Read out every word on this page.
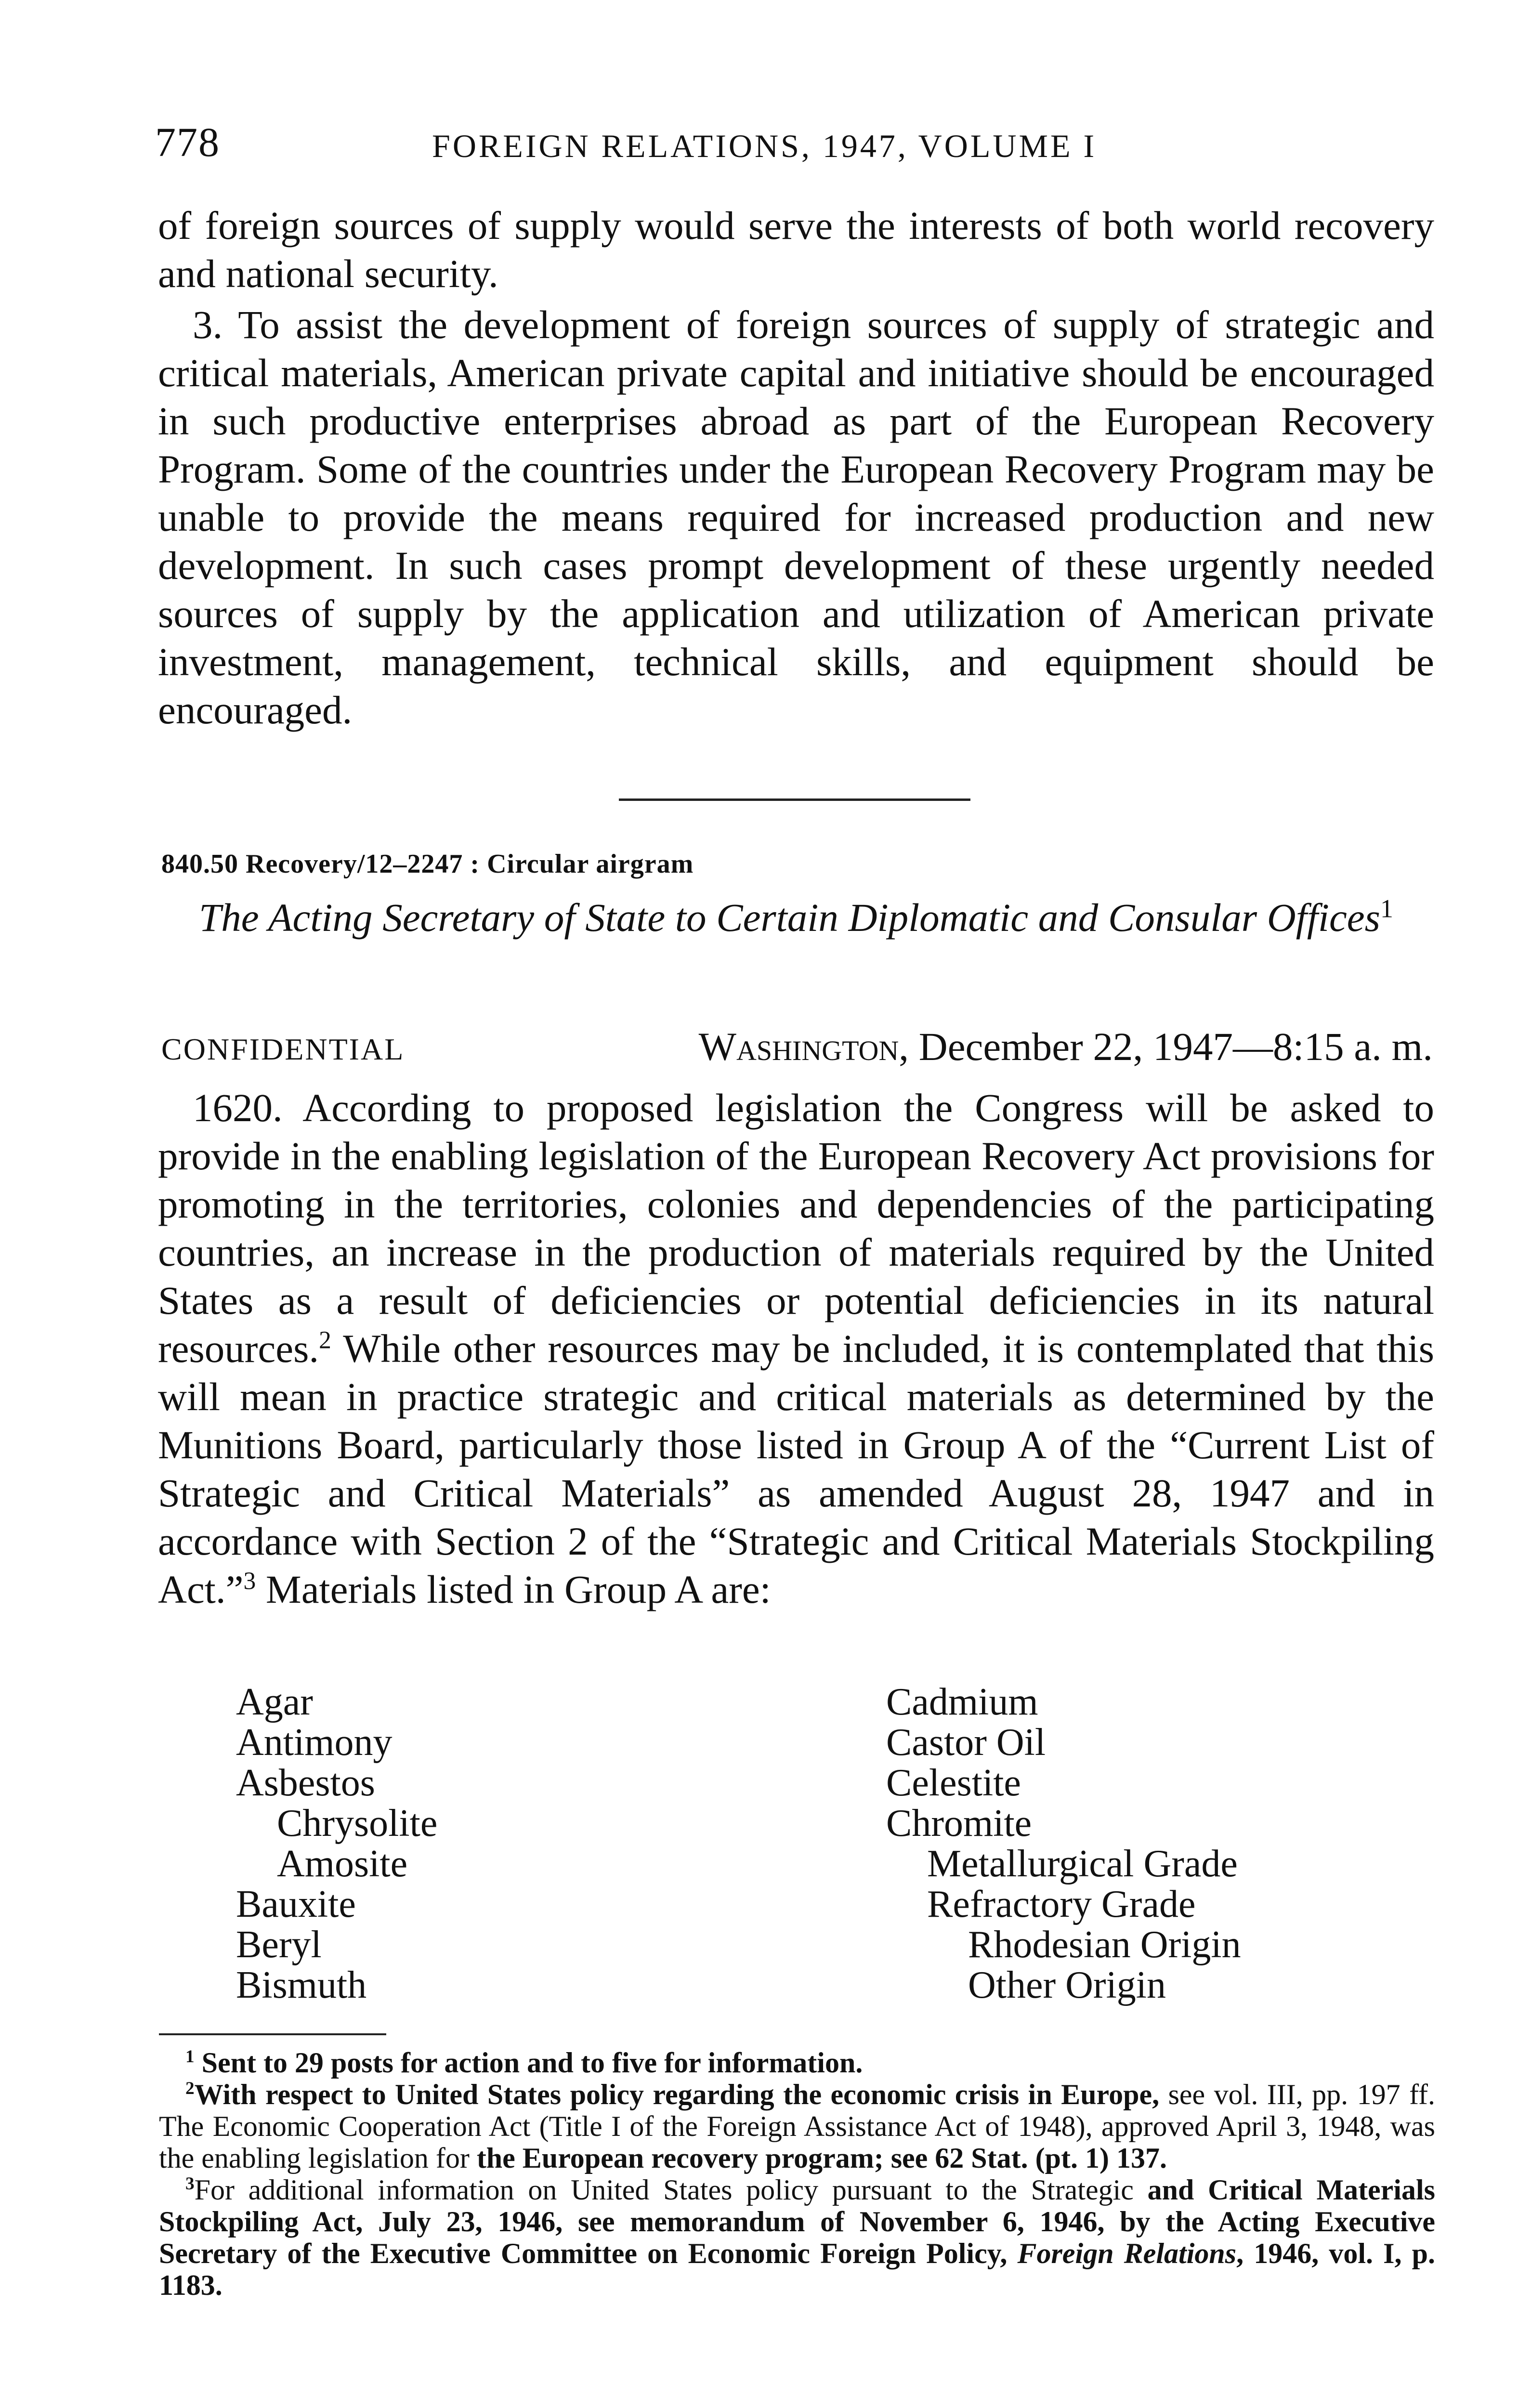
778	FOREIGN RELATIONS, 1947, VOLUME I

of foreign sources of supply would serve the interests of both world recovery and national security.

3. To assist the development of foreign sources of supply of strategic and critical materials, American private capital and initiative should be encouraged in such productive enterprises abroad as part of the European Recovery Program. Some of the countries under the European Recovery Program may be unable to provide the means required for increased production and new development. In such cases prompt development of these urgently needed sources of supply by the application and utilization of American private investment, management, technical skills, and equipment should be encouraged.

840.50 Recovery/12–2247 : Circular airgram
The Acting Secretary of State to Certain Diplomatic and Consular Offices$^1$
CONFIDENTIAL	Washington, December 22, 1947—8:15 a. m.

1620. According to proposed legislation the Congress will be asked to provide in the enabling legislation of the European Recovery Act provisions for promoting in the territories, colonies and dependencies of the participating countries, an increase in the production of materials required by the United States as a result of deficiencies or potential deficiencies in its natural resources.$^2$ While other resources may be included, it is contemplated that this will mean in practice strategic and critical materials as determined by the Munitions Board, particularly those listed in Group A of the “Current List of Strategic and Critical Materials” as amended August 28, 1947 and in accordance with Section 2 of the “Strategic and Critical Materials Stockpiling Act.”$^3$ Materials listed in Group A are:

Agar
Antimony
Asbestos
Chrysolite
Amosite
Bauxite
Beryl
Bismuth
Cadmium
Castor Oil
Celestite
Chromite
Metallurgical Grade
Refractory Grade
Rhodesian Origin
Other Origin

$^1$ Sent to 29 posts for action and to five for information.

$^2$With respect to United States policy regarding the economic crisis in Europe, see vol. III, pp. 197 ff. The Economic Cooperation Act (Title I of the Foreign Assistance Act of 1948), approved April 3, 1948, was the enabling legislation for the European recovery program; see 62 Stat. (pt. 1) 137.

$^3$For additional information on United States policy pursuant to the Strategic and Critical Materials Stockpiling Act, July 23, 1946, see memorandum of November 6, 1946, by the Acting Executive Secretary of the Executive Committee on Economic Foreign Policy, Foreign Relations, 1946, vol. I, p. 1183.
